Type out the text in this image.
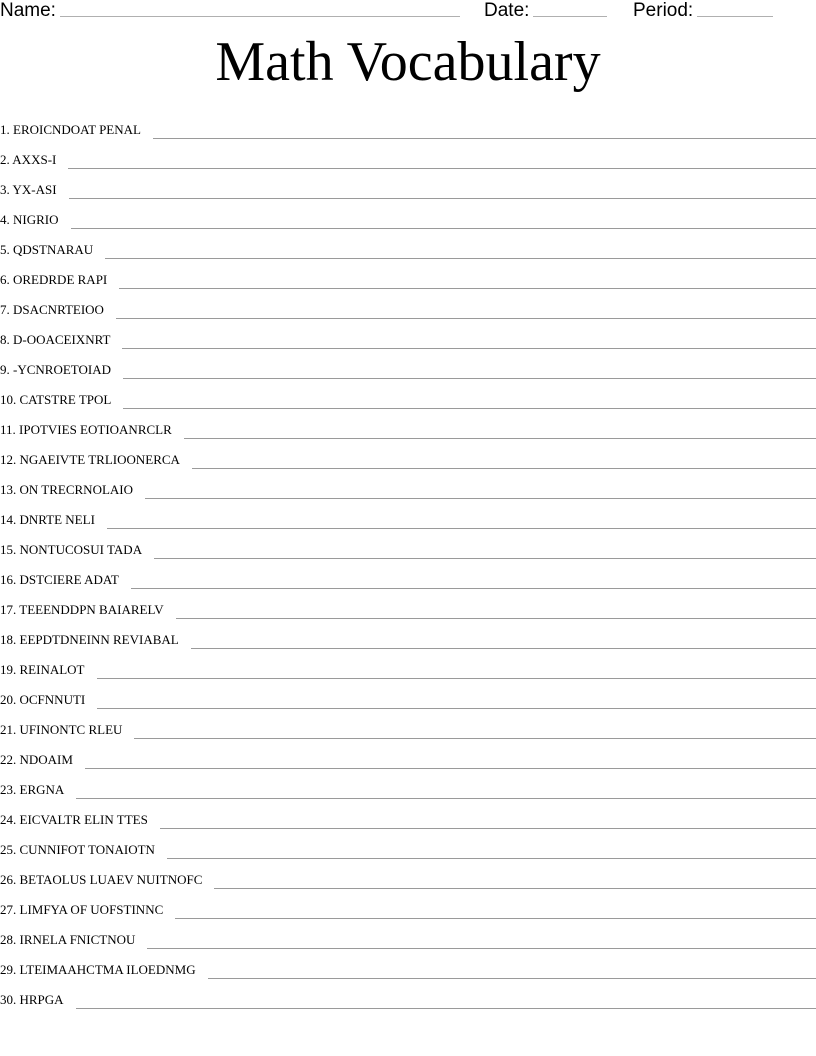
Name:	Date:	Period:
Math Vocabulary
1. EROICNDOAT PENAL
2. AXXS-I
3. YX-ASI
4. NIGRIO
5. QDSTNARAU
6. OREDRDE RAPI
7. DSACNRTEIOO
8. D-OOACEIXNRT
9. -YCNROETOIAD
10. CATSTRE TPOL
11. IPOTVIES EOTIOANRCLR
12. NGAEIVTE TRLIOONERCA
13. ON TRECRNOLAIO
14. DNRTE NELI
15. NONTUCOSUI TADA
16. DSTCIERE ADAT
17. TEEENDDPN BAIARELV
18. EEPDTDNEINN REVIABAL
19. REINALOT
20. OCFNNUTI
21. UFINONTC RLEU
22. NDOAIM
23. ERGNA
24. EICVALTR ELIN TTES
25. CUNNIFOT TONAIOTN
26. BETAOLUS LUAEV NUITNOFC
27. LIMFYA OF UOFSTINNC
28. IRNELA FNICTNOU
29. LTEIMAAHCTMA ILOEDNMG
30. HRPGA
